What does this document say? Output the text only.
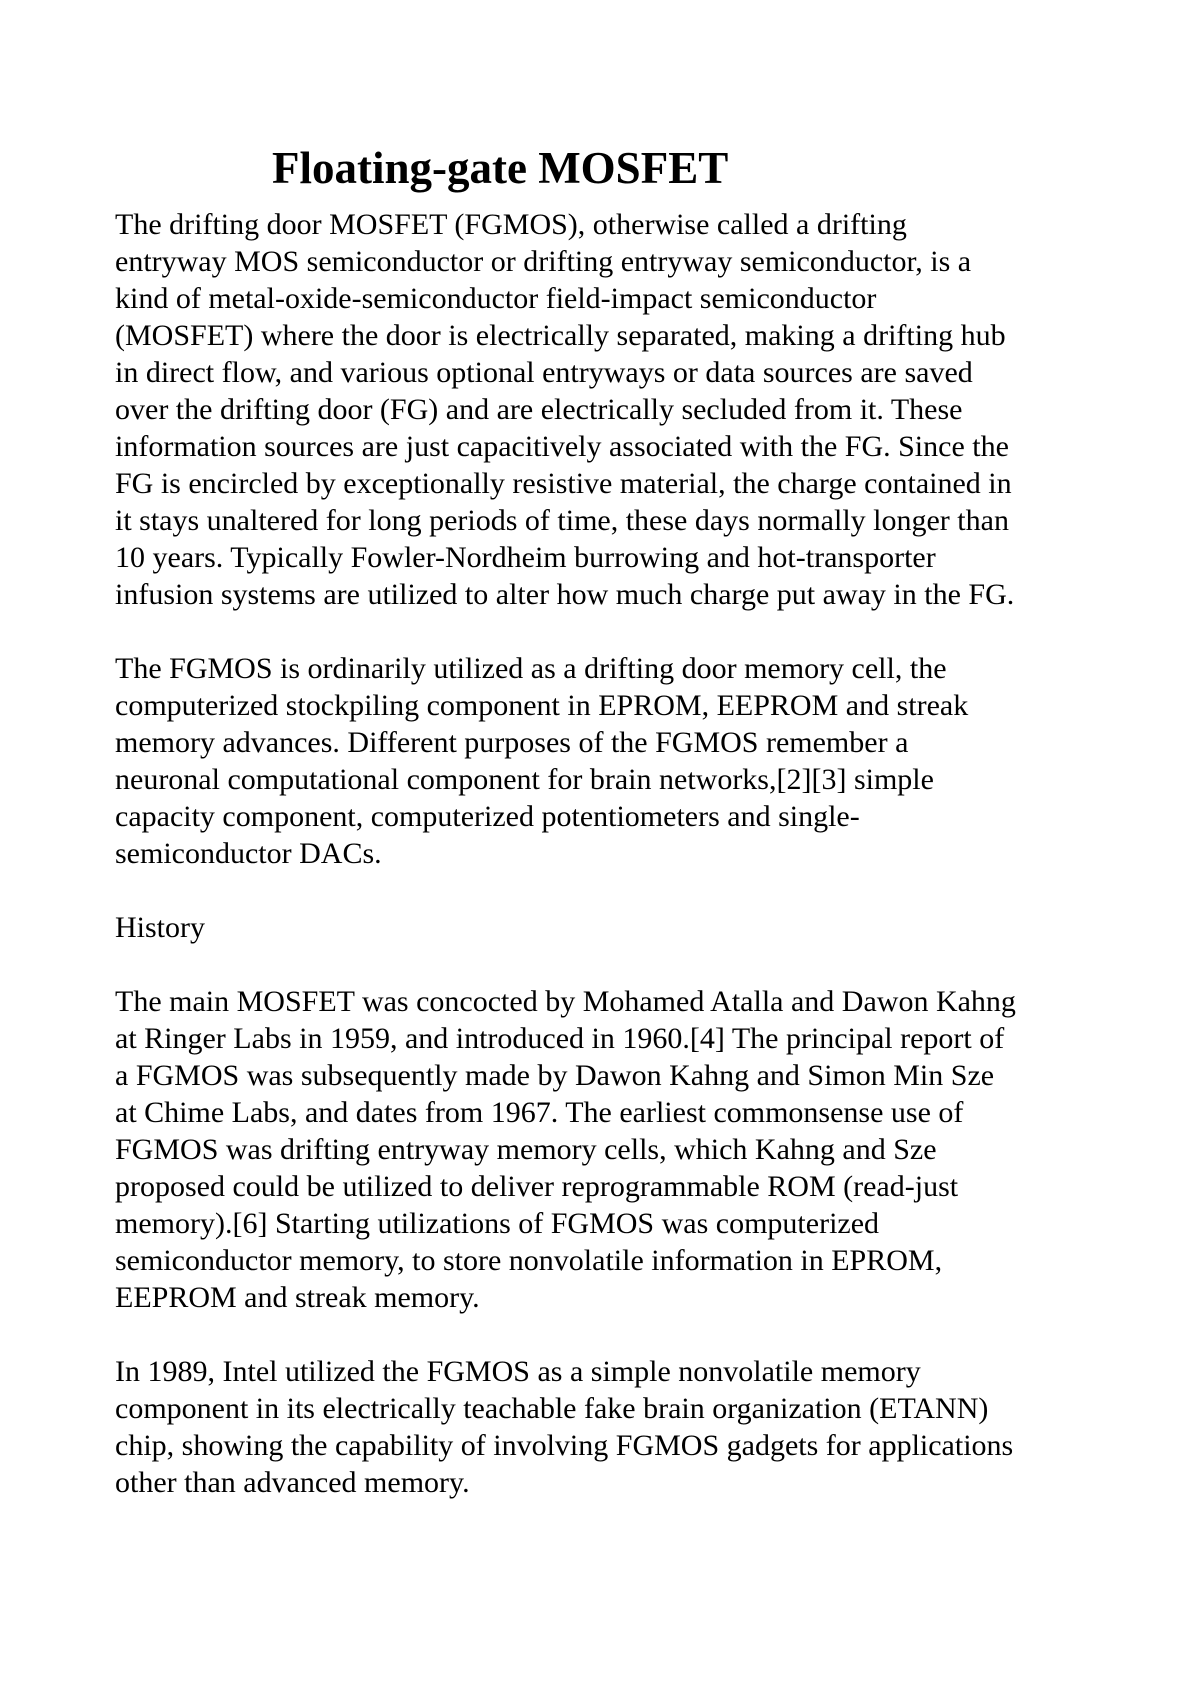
Floating-gate MOSFET

The drifting door MOSFET (FGMOS), otherwise called a drifting
entryway MOS semiconductor or drifting entryway semiconductor, is a
kind of metal-oxide-semiconductor field-impact semiconductor
(MOSFET) where the door is electrically separated, making a drifting hub
in direct flow, and various optional entryways or data sources are saved
over the drifting door (FG) and are electrically secluded from it. These
information sources are just capacitively associated with the FG. Since the
FG is encircled by exceptionally resistive material, the charge contained in
it stays unaltered for long periods of time, these days normally longer than
10 years. Typically Fowler-Nordheim burrowing and hot-transporter
infusion systems are utilized to alter how much charge put away in the FG.

The FGMOS is ordinarily utilized as a drifting door memory cell, the
computerized stockpiling component in EPROM, EEPROM and streak
memory advances. Different purposes of the FGMOS remember a
neuronal computational component for brain networks,[2][3] simple
capacity component, computerized potentiometers and single-
semiconductor DACs.

History

The main MOSFET was concocted by Mohamed Atalla and Dawon Kahng
at Ringer Labs in 1959, and introduced in 1960.[4] The principal report of
a FGMOS was subsequently made by Dawon Kahng and Simon Min Sze
at Chime Labs, and dates from 1967. The earliest commonsense use of
FGMOS was drifting entryway memory cells, which Kahng and Sze
proposed could be utilized to deliver reprogrammable ROM (read-just
memory).[6] Starting utilizations of FGMOS was computerized
semiconductor memory, to store nonvolatile information in EPROM,
EEPROM and streak memory.

In 1989, Intel utilized the FGMOS as a simple nonvolatile memory
component in its electrically teachable fake brain organization (ETANN)
chip, showing the capability of involving FGMOS gadgets for applications
other than advanced memory.
